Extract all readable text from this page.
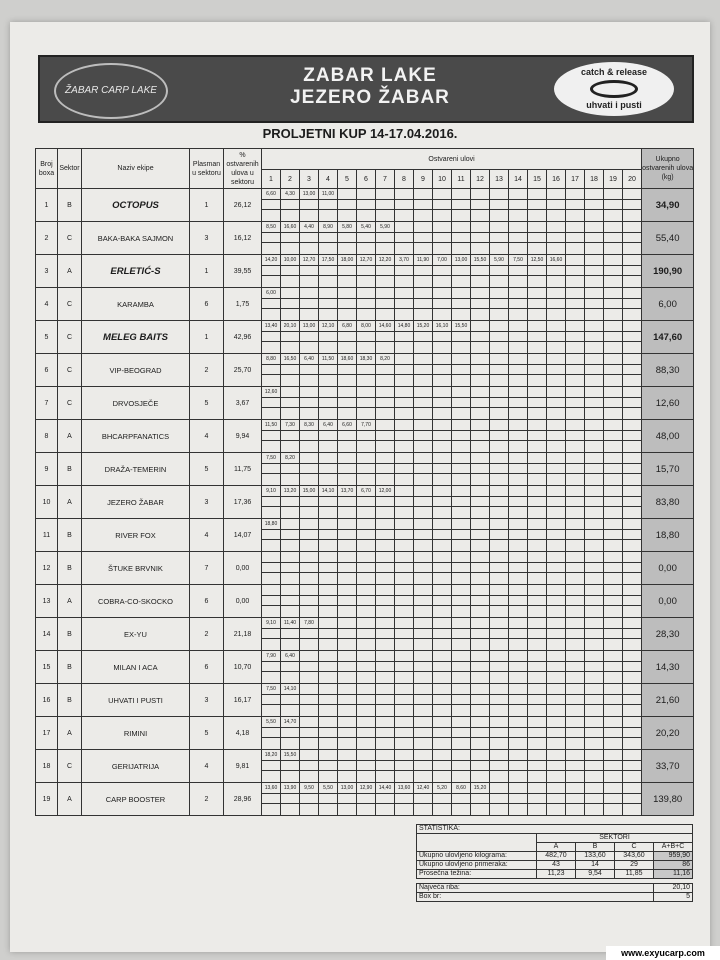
ŽABAR CARP LAKE
ZABAR LAKE
JEZERO ŽABAR
catch & release
uhvati i pusti
PROLJETNI KUP 14-17.04.2016.
Broj boxa	Sektor	Naziv ekipe	Plasman u sektoru	% ostvarenih ulova u sektoru	Ostvareni ulovi																				Ukupno ostvarenih ulova (kg)
					1	2	3	4	5	6	7	8	9	10	11	12	13	14	15	16	17	18	19	20	
1	B	OCTOPUS	1	26,12	6,60	4,30	13,00	11,00																	34,90

2	C	BAKA-BAKA SAJMON	3	16,12	8,50	16,60	4,40	8,90	5,80	5,40	5,90														55,40

3	A	ERLETIĆ-S	1	39,55	14,20	10,00	12,70	17,50	18,00	12,70	12,20	3,70	11,90	7,00	13,00	15,50	5,90	7,50	12,50	16,60					190,90

4	C	KARAMBA	6	1,75	6,00																				6,00

5	C	MELEG BAITS	1	42,96	13,40	20,10	13,00	12,10	6,80	8,00	14,60	14,80	15,20	16,10	15,50										147,60

6	C	VIP-BEOGRAD	2	25,70	8,80	16,50	6,40	11,50	18,60	18,30	8,20														88,30

7	C	DRVOSJEČE	5	3,67	12,60																				12,60

8	A	BHCARPFANATICS	4	9,94	11,50	7,30	8,30	6,40	6,60	7,70															48,00

9	B	DRAŽA-TEMERIN	5	11,75	7,50	8,20																			15,70

10	A	JEZERO ŽABAR	3	17,36	9,10	13,20	15,00	14,10	13,70	6,70	12,00														83,80

11	B	RIVER FOX	4	14,07	18,80																				18,80

12	B	ŠTUKE BRVNIK	7	0,00																					0,00

13	A	COBRA-CO-SKOCKO	6	0,00																					0,00

14	B	EX-YU	2	21,18	9,10	11,40	7,80																		28,30

15	B	MILAN I ACA	6	10,70	7,90	6,40																			14,30

16	B	UHVATI I PUSTI	3	16,17	7,50	14,10																			21,60

17	A	RIMINI	5	4,18	5,50	14,70																			20,20

18	C	GERIJATRIJA	4	9,81	18,20	15,50																			33,70

19	A	CARP BOOSTER	2	28,96	13,60	13,90	9,50	5,50	13,00	12,90	14,40	13,60	12,40	5,20	8,60	15,20									139,80

STATISTIKA:				
	SEKTORI			
	A	B	C	A+B+C
Ukupno ulovljeno kilograma:	482,70	133,60	343,60	959,90
Ukupno ulovljeno primeraka:	43	14	29	86
Prosečna težina:	11,23	9,54	11,85	11,16
Najveća riba:	20,10
Box br:	5
www.exyucarp.com
